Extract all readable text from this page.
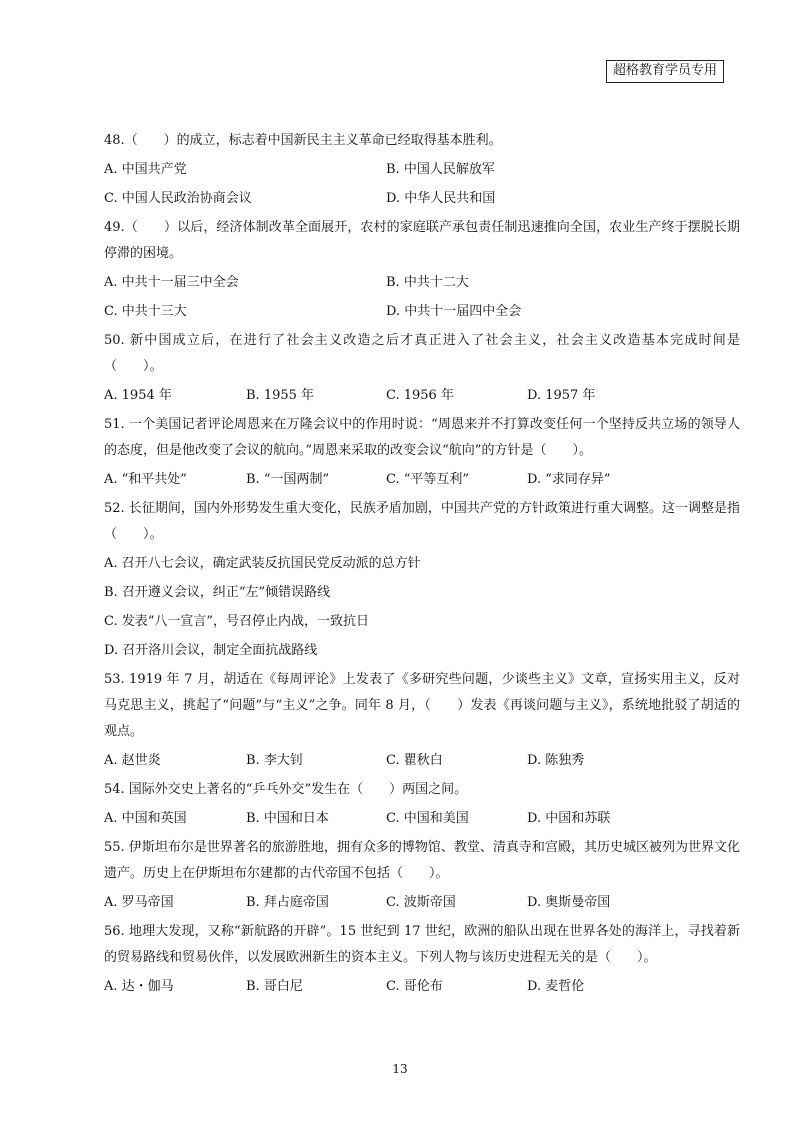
超格教育学员专用

48.（　　）的成立，标志着中国新民主主义革命已经取得基本胜利。

A. 中国共产党	B. 中国人民解放军
C. 中国人民政治协商会议	D. 中华人民共和国

49.（　　）以后，经济体制改革全面展开，农村的家庭联产承包责任制迅速推向全国，农业生产终于摆脱长期停滞的困境。

A. 中共十一届三中全会	B. 中共十二大
C. 中共十三大	D. 中共十一届四中全会

50. 新中国成立后，在进行了社会主义改造之后才真正进入了社会主义，社会主义改造基本完成时间是（　　）。

A. 1954 年	B. 1955 年	C. 1956 年	D. 1957 年

51. 一个美国记者评论周恩来在万隆会议中的作用时说：“周恩来并不打算改变任何一个坚持反共立场的领导人的态度，但是他改变了会议的航向。”周恩来采取的改变会议“航向”的方针是（　　）。

A. “和平共处”	B. “一国两制”	C. “平等互利”	D. “求同存异”

52. 长征期间，国内外形势发生重大变化，民族矛盾加剧，中国共产党的方针政策进行重大调整。这一调整是指（　　）。

A. 召开八七会议，确定武装反抗国民党反动派的总方针
B. 召开遵义会议，纠正“左”倾错误路线
C. 发表“八一宣言”，号召停止内战，一致抗日
D. 召开洛川会议，制定全面抗战路线

53. 1919 年 7 月，胡适在《每周评论》上发表了《多研究些问题，少谈些主义》文章，宣扬实用主义，反对马克思主义，挑起了“问题”与“主义”之争。同年 8 月，（　　）发表《再谈问题与主义》，系统地批驳了胡适的观点。

A. 赵世炎	B. 李大钊	C. 瞿秋白	D. 陈独秀

54. 国际外交史上著名的“乒乓外交”发生在（　　）两国之间。

A. 中国和英国	B. 中国和日本	C. 中国和美国	D. 中国和苏联

55. 伊斯坦布尔是世界著名的旅游胜地，拥有众多的博物馆、教堂、清真寺和宫殿，其历史城区被列为世界文化遗产。历史上在伊斯坦布尔建都的古代帝国不包括（　　）。

A. 罗马帝国	B. 拜占庭帝国	C. 波斯帝国	D. 奥斯曼帝国

56. 地理大发现，又称“新航路的开辟”。15 世纪到 17 世纪，欧洲的船队出现在世界各处的海洋上，寻找着新的贸易路线和贸易伙伴，以发展欧洲新生的资本主义。下列人物与该历史进程无关的是（　　）。

A. 达・伽马	B. 哥白尼	C. 哥伦布	D. 麦哲伦
13
